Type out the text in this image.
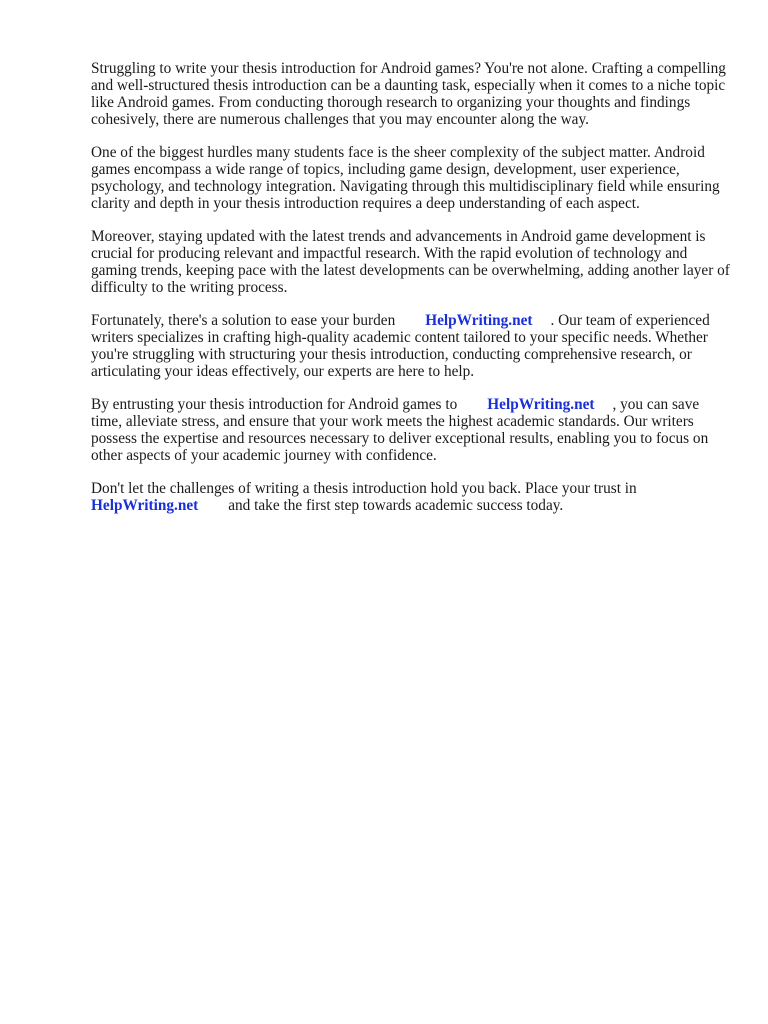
Struggling to write your thesis introduction for Android games? You're not alone. Crafting a compelling and well-structured thesis introduction can be a daunting task, especially when it comes to a niche topic like Android games. From conducting thorough research to organizing your thoughts and findings cohesively, there are numerous challenges that you may encounter along the way.

One of the biggest hurdles many students face is the sheer complexity of the subject matter. Android games encompass a wide range of topics, including game design, development, user experience, psychology, and technology integration. Navigating through this multidisciplinary field while ensuring clarity and depth in your thesis introduction requires a deep understanding of each aspect.

Moreover, staying updated with the latest trends and advancements in Android game development is crucial for producing relevant and impactful research. With the rapid evolution of technology and gaming trends, keeping pace with the latest developments can be overwhelming, adding another layer of difficulty to the writing process.

Fortunately, there's a solution to ease your burden HelpWriting.net . Our team of experienced writers specializes in crafting high-quality academic content tailored to your specific needs. Whether you're struggling with structuring your thesis introduction, conducting comprehensive research, or articulating your ideas effectively, our experts are here to help.

By entrusting your thesis introduction for Android games to HelpWriting.net , you can save time, alleviate stress, and ensure that your work meets the highest academic standards. Our writers possess the expertise and resources necessary to deliver exceptional results, enabling you to focus on other aspects of your academic journey with confidence.

Don't let the challenges of writing a thesis introduction hold you back. Place your trust in HelpWriting.net and take the first step towards academic success today.
